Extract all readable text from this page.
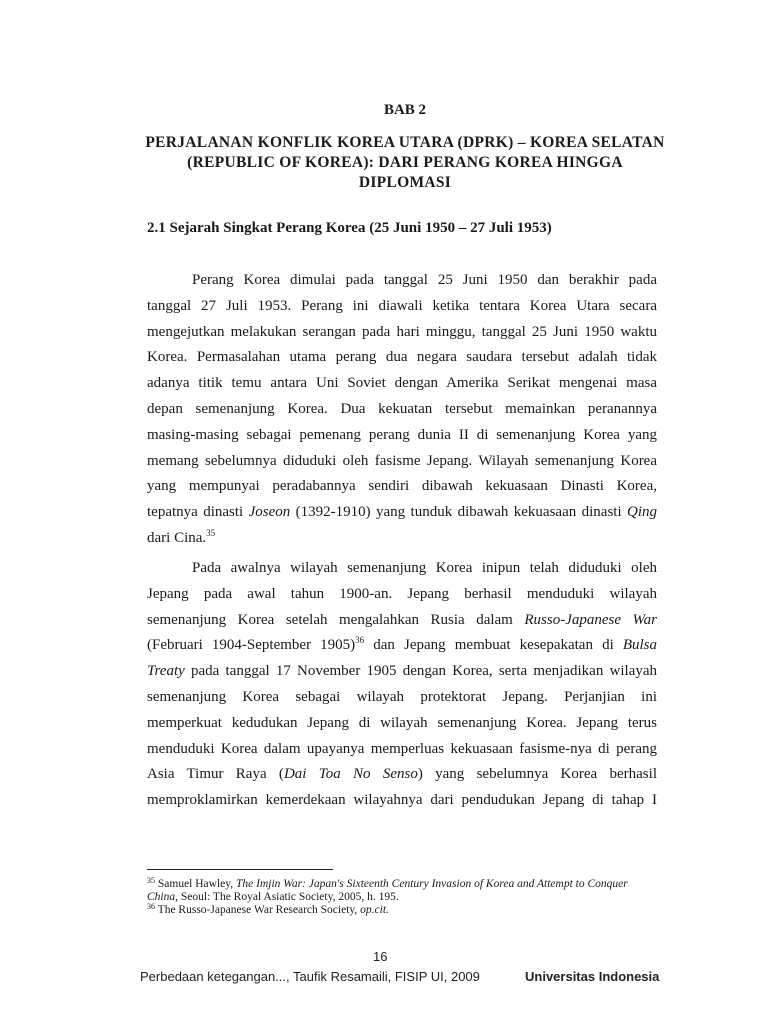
BAB 2
PERJALANAN KONFLIK KOREA UTARA (DPRK) – KOREA SELATAN
(REPUBLIC OF KOREA): DARI PERANG KOREA HINGGA
DIPLOMASI
2.1 Sejarah Singkat Perang Korea (25 Juni 1950 – 27 Juli 1953)
Perang Korea dimulai pada tanggal 25 Juni 1950 dan berakhir pada
tanggal 27 Juli 1953. Perang ini diawali ketika tentara Korea Utara secara
mengejutkan melakukan serangan pada hari minggu, tanggal 25 Juni 1950 waktu
Korea. Permasalahan utama perang dua negara saudara tersebut adalah tidak
adanya titik temu antara Uni Soviet dengan Amerika Serikat mengenai masa
depan semenanjung Korea. Dua kekuatan tersebut memainkan peranannya
masing-masing sebagai pemenang perang dunia II di semenanjung Korea yang
memang sebelumnya diduduki oleh fasisme Jepang. Wilayah semenanjung Korea
yang mempunyai peradabannya sendiri dibawah kekuasaan Dinasti Korea,
tepatnya dinasti Joseon (1392-1910) yang tunduk dibawah kekuasaan dinasti Qing
dari Cina.$^{35}$
Pada awalnya wilayah semenanjung Korea inipun telah diduduki oleh
Jepang pada awal tahun 1900-an. Jepang berhasil menduduki wilayah
semenanjung Korea setelah mengalahkan Rusia dalam Russo-Japanese War
(Februari 1904-September 1905)$^{36}$ dan Jepang membuat kesepakatan di Bulsa
Treaty pada tanggal 17 November 1905 dengan Korea, serta menjadikan wilayah
semenanjung Korea sebagai wilayah protektorat Jepang. Perjanjian ini
memperkuat kedudukan Jepang di wilayah semenanjung Korea. Jepang terus
menduduki Korea dalam upayanya memperluas kekuasaan fasisme-nya di perang
Asia Timur Raya (Dai Toa No Senso) yang sebelumnya Korea berhasil
memproklamirkan kemerdekaan wilayahnya dari pendudukan Jepang di tahap I
$^{35}$ Samuel Hawley, The Imjin War: Japan's Sixteenth Century Invasion of Korea and Attempt to Conquer China, Seoul: The Royal Asiatic Society, 2005, h. 195.
$^{36}$ The Russo-Japanese War Research Society, op.cit.
Perbedaan ketegangan..., Taufik Resamaili, FISIP UI, 2009
16
Universitas Indonesia
